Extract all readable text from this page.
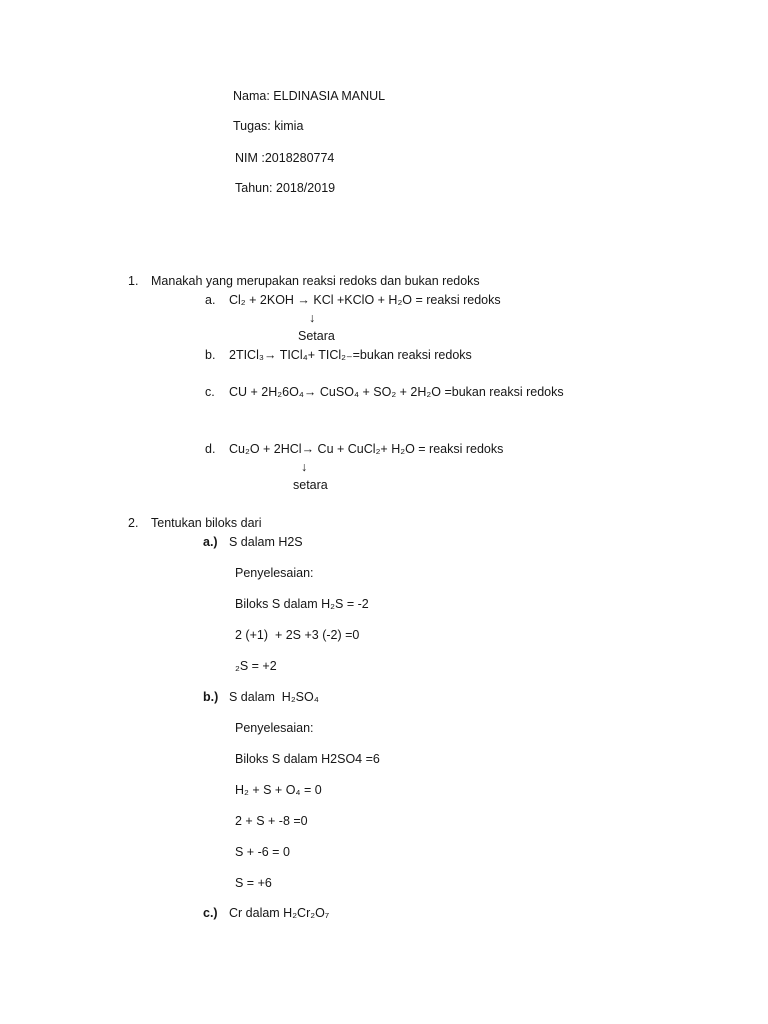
Nama: ELDINASIA MANUL
Tugas: kimia
NIM :2018280774
Tahun: 2018/2019
1. Manakah yang merupakan reaksi redoks dan bukan redoks
a. Cl₂ + 2KOH → KCl +KClO + H₂O = reaksi redoks
↓
Setara
b. 2TICl₃→ TICl₄+ TICl₂₋=bukan reaksi redoks
c. CU + 2H₂6O₄→ CuSO₄ + SO₂ + 2H₂O =bukan reaksi redoks
d. Cu₂O + 2HCl→ Cu + CuCl₂+ H₂O = reaksi redoks
↓
setara
2. Tentukan biloks dari
a.) S dalam H2S
Penyelesaian:
Biloks S dalam H₂S = -2
2 (+1)  + 2S +3 (-2) =0
₂S = +2
b.) S dalam  H₂SO₄
Penyelesaian:
Biloks S dalam H2SO4 =6
H₂ + S + O₄ = 0
2 + S + -8 =0
S + -6 = 0
S = +6
c.) Cr dalam H₂Cr₂O₇
